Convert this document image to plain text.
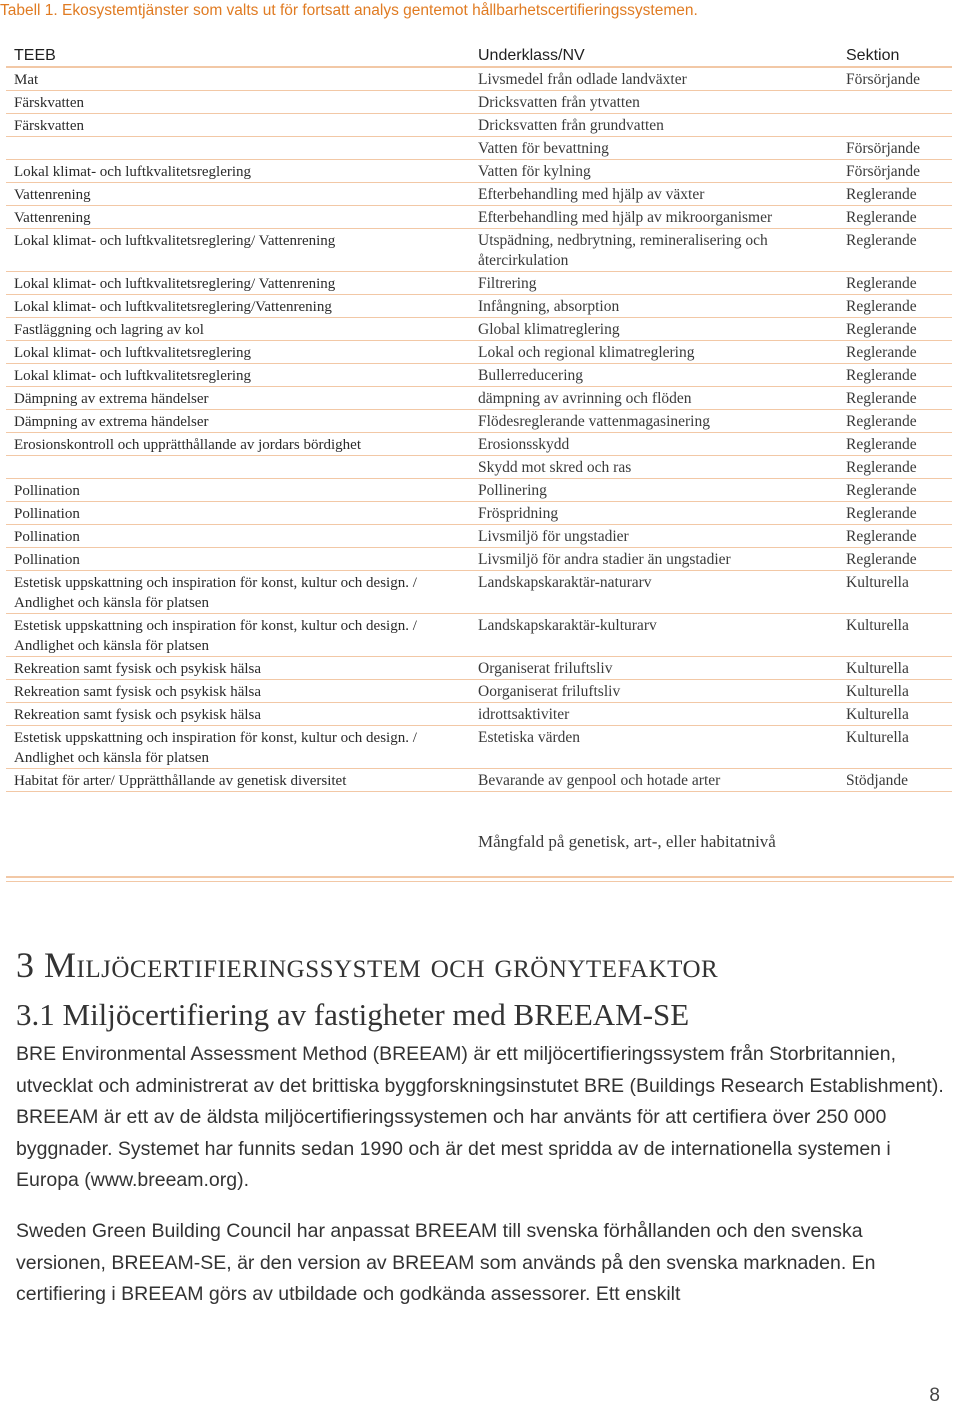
Tabell 1. Ekosystemtjänster som valts ut för fortsatt analys gentemot hållbarhetscertifieringssystemen.
TEEB	Underklass/NV	Sektion
Mat	Livsmedel från odlade landväxter	Försörjande
Färskvatten	Dricksvatten från ytvatten	
Färskvatten	Dricksvatten från grundvatten	
	Vatten för bevattning	Försörjande
Lokal klimat- och luftkvalitetsreglering	Vatten för kylning	Försörjande
Vattenrening	Efterbehandling med hjälp av växter	Reglerande
Vattenrening	Efterbehandling med hjälp av mikroorganismer	Reglerande
Lokal klimat- och luftkvalitetsreglering/ Vattenrening	Utspädning, nedbrytning, remineralisering och återcirkulation	Reglerande
Lokal klimat- och luftkvalitetsreglering/ Vattenrening	Filtrering	Reglerande
Lokal klimat- och luftkvalitetsreglering/Vattenrening	Infångning, absorption	Reglerande
Fastläggning och lagring av kol	Global klimatreglering	Reglerande
Lokal klimat- och luftkvalitetsreglering	Lokal och regional klimatreglering	Reglerande
Lokal klimat- och luftkvalitetsreglering	Bullerreducering	Reglerande
Dämpning av extrema händelser	dämpning av avrinning och flöden	Reglerande
Dämpning av extrema händelser	Flödesreglerande vattenmagasinering	Reglerande
Erosionskontroll och upprätthållande av jordars bördighet	Erosionsskydd	Reglerande
	Skydd mot skred och ras	Reglerande
Pollination	Pollinering	Reglerande
Pollination	Fröspridning	Reglerande
Pollination	Livsmiljö för ungstadier	Reglerande
Pollination	Livsmiljö för andra stadier än ungstadier	Reglerande
Estetisk uppskattning och inspiration för konst, kultur och design. / Andlighet och känsla för platsen	Landskapskaraktär-naturarv	Kulturella
Estetisk uppskattning och inspiration för konst, kultur och design. / Andlighet och känsla för platsen	Landskapskaraktär-kulturarv	Kulturella
Rekreation samt fysisk och psykisk hälsa	Organiserat friluftsliv	Kulturella
Rekreation samt fysisk och psykisk hälsa	Oorganiserat friluftsliv	Kulturella
Rekreation samt fysisk och psykisk hälsa	idrottsaktiviter	Kulturella
Estetisk uppskattning och inspiration för konst, kultur och design. / Andlighet och känsla för platsen	Estetiska värden	Kulturella
Habitat för arter/ Upprätthållande av genetisk diversitet	Bevarande av genpool och hotade arter	Stödjande
	Mångfald på genetisk, art-, eller habitatnivå	
3 Miljöcertifieringssystem och grönytefaktor
3.1 Miljöcertifiering av fastigheter med BREEAM-SE

BRE Environmental Assessment Method (BREEAM) är ett miljöcertifieringssystem från Storbritannien, utvecklat och administrerat av det brittiska byggforskningsinstutet BRE (Buildings Research Establishment). BREEAM är ett av de äldsta miljöcertifieringssystemen och har använts för att certifiera över 250 000 byggnader. Systemet har funnits sedan 1990 och är det mest spridda av de internationella systemen i Europa (www.breeam.org).

Sweden Green Building Council har anpassat BREEAM till svenska förhållanden och den svenska versionen, BREEAM-SE, är den version av BREEAM som används på den svenska marknaden. En certifiering i BREEAM görs av utbildade och godkända assessorer. Ett enskilt

8
